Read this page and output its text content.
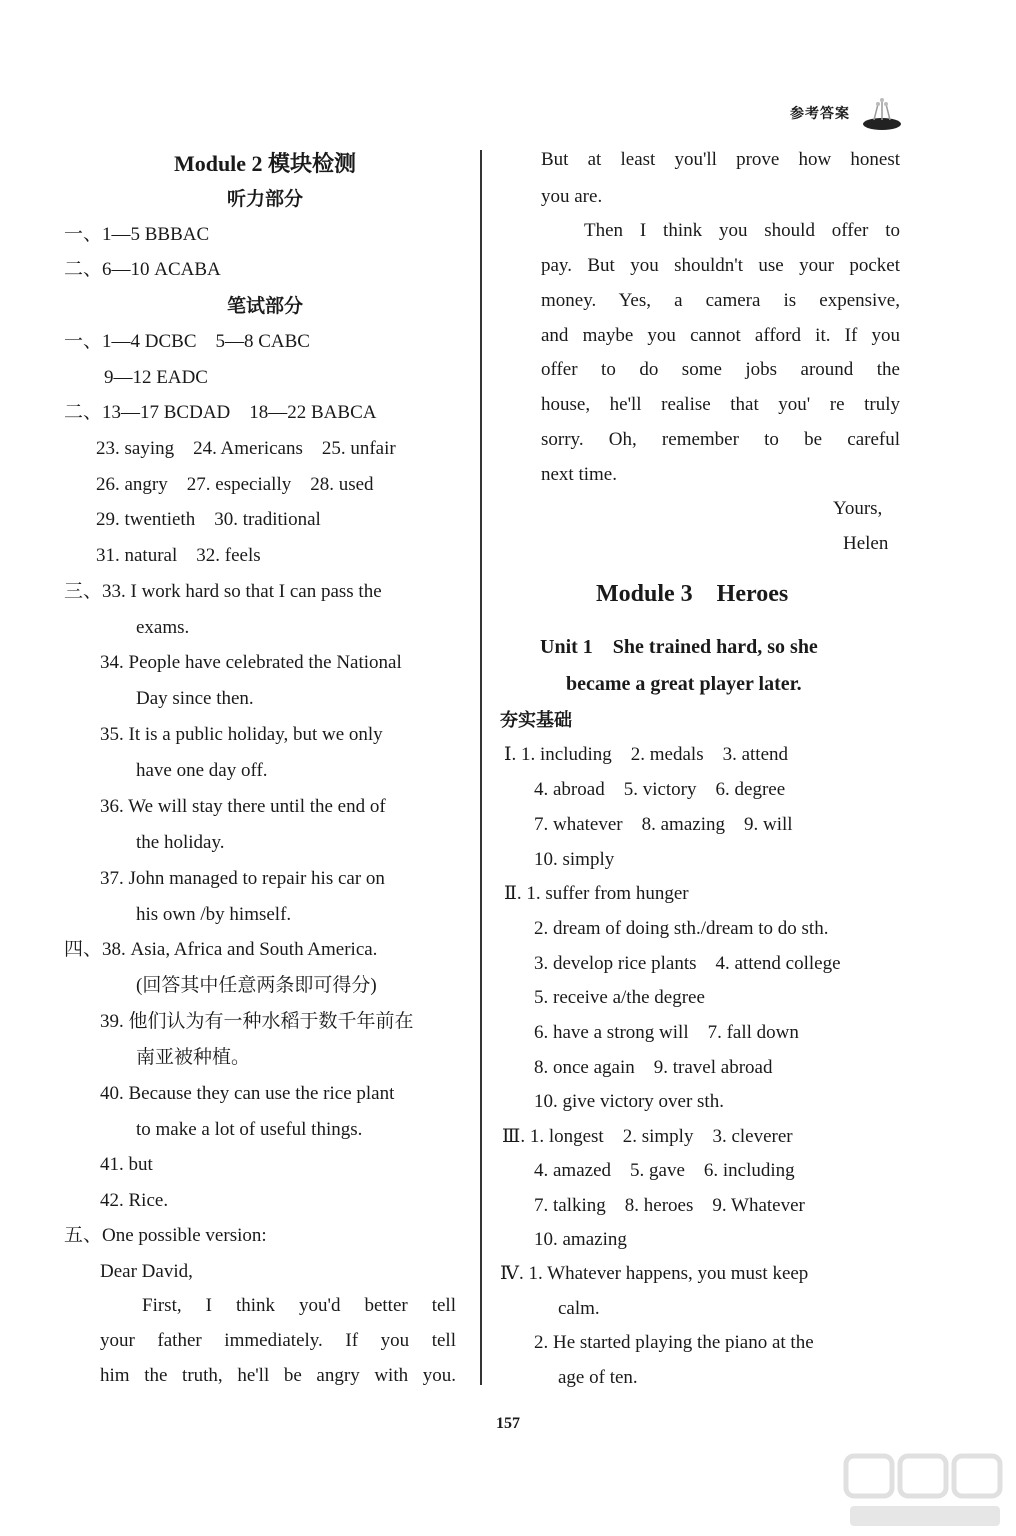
参考答案
Module 2 模块检测
听力部分
一、1—5 BBBAC
二、6—10 ACABA
笔试部分
一、1—4 DCBC　5—8 CABC
9—12 EADC
二、13—17 BCDAD　18—22 BABCA
23. saying　24. Americans　25. unfair
26. angry　27. especially　28. used
29. twentieth　30. traditional
31. natural　32. feels
三、33. I work hard so that I can pass the
exams.
34. People have celebrated the National
Day since then.
35. It is a public holiday, but we only
have one day off.
36. We will stay there until the end of
the holiday.
37. John managed to repair his car on
his own /by himself.
四、38. Asia, Africa and South America.
(回答其中任意两条即可得分)
39. 他们认为有一种水稻于数千年前在
南亚被种植。
40. Because they can use the rice plant
to make a lot of useful things.
41. but
42. Rice.
五、One possible version:
Dear David,
First, I think you'd better tell
your father immediately. If you tell
him the truth, he'll be angry with you.
But at least you'll prove how honest
you are.
Then I think you should offer to
pay. But you shouldn't use your pocket
money. Yes, a camera is expensive,
and maybe you cannot afford it. If you
offer to do some jobs around the
house, he'll realise that you' re truly
sorry. Oh, remember to be careful
next time.
Yours,
Helen
Module 3　Heroes
Unit 1　She trained hard, so she
became a great player later.
夯实基础
Ⅰ. 1. including　2. medals　3. attend
4. abroad　5. victory　6. degree
7. whatever　8. amazing　9. will
10. simply
Ⅱ. 1. suffer from hunger
2. dream of doing sth./dream to do sth.
3. develop rice plants　4. attend college
5. receive a/the degree
6. have a strong will　7. fall down
8. once again　9. travel abroad
10. give victory over sth.
Ⅲ. 1. longest　2. simply　3. cleverer
4. amazed　5. gave　6. including
7. talking　8. heroes　9. Whatever
10. amazing
Ⅳ. 1. Whatever happens, you must keep
calm.
2. He started playing the piano at the
age of ten.
157
